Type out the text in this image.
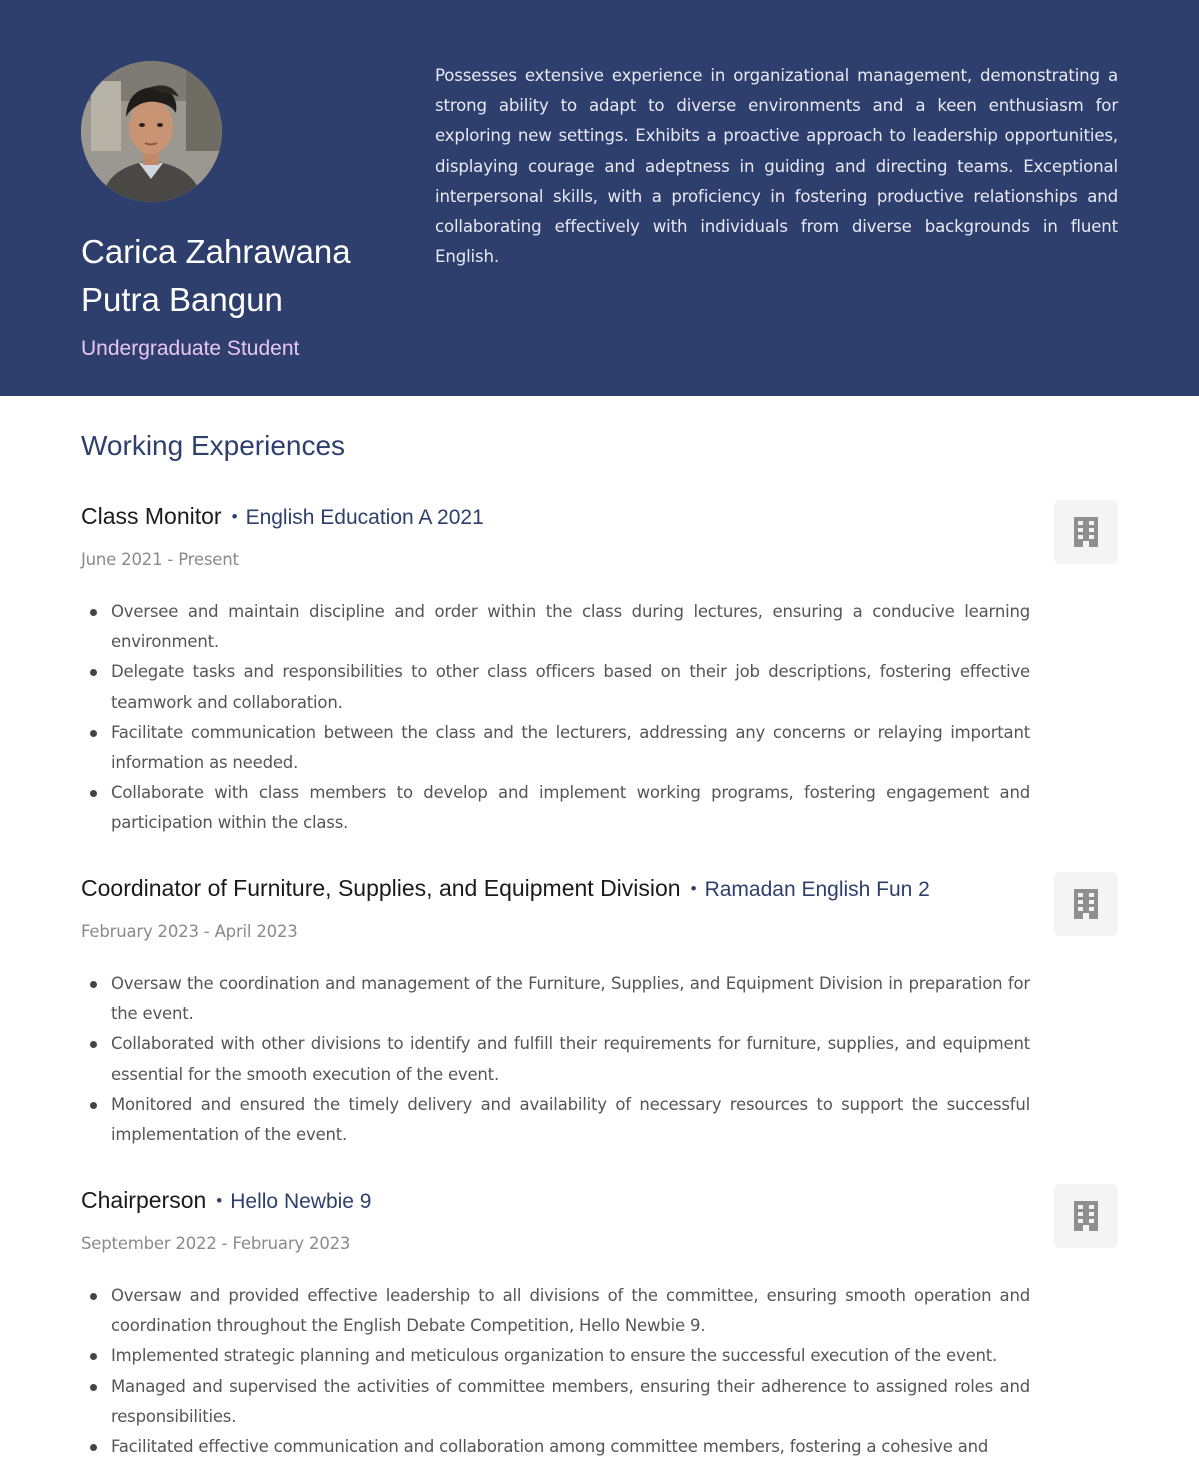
Carica Zahrawana Putra Bangun
Undergraduate Student

Possesses extensive experience in organizational management, demonstrating a strong ability to adapt to diverse environments and a keen enthusiasm for exploring new settings. Exhibits a proactive approach to leadership opportunities, displaying courage and adeptness in guiding and directing teams. Exceptional interpersonal skills, with a proficiency in fostering productive relationships and collaborating effectively with individuals from diverse backgrounds in fluent English.

Working Experiences
Class Monitor • English Education A 2021
June 2021 - Present
Oversee and maintain discipline and order within the class during lectures, ensuring a conducive learning environment.
Delegate tasks and responsibilities to other class officers based on their job descriptions, fostering effective teamwork and collaboration.
Facilitate communication between the class and the lecturers, addressing any concerns or relaying important information as needed.
Collaborate with class members to develop and implement working programs, fostering engagement and participation within the class.
Coordinator of Furniture, Supplies, and Equipment Division • Ramadan English Fun 2
February 2023 - April 2023
Oversaw the coordination and management of the Furniture, Supplies, and Equipment Division in preparation for the event.
Collaborated with other divisions to identify and fulfill their requirements for furniture, supplies, and equipment essential for the smooth execution of the event.
Monitored and ensured the timely delivery and availability of necessary resources to support the successful implementation of the event.
Chairperson • Hello Newbie 9
September 2022 - February 2023
Oversaw and provided effective leadership to all divisions of the committee, ensuring smooth operation and coordination throughout the English Debate Competition, Hello Newbie 9.
Implemented strategic planning and meticulous organization to ensure the successful execution of the event.
Managed and supervised the activities of committee members, ensuring their adherence to assigned roles and responsibilities.
Facilitated effective communication and collaboration among committee members, fostering a cohesive and
